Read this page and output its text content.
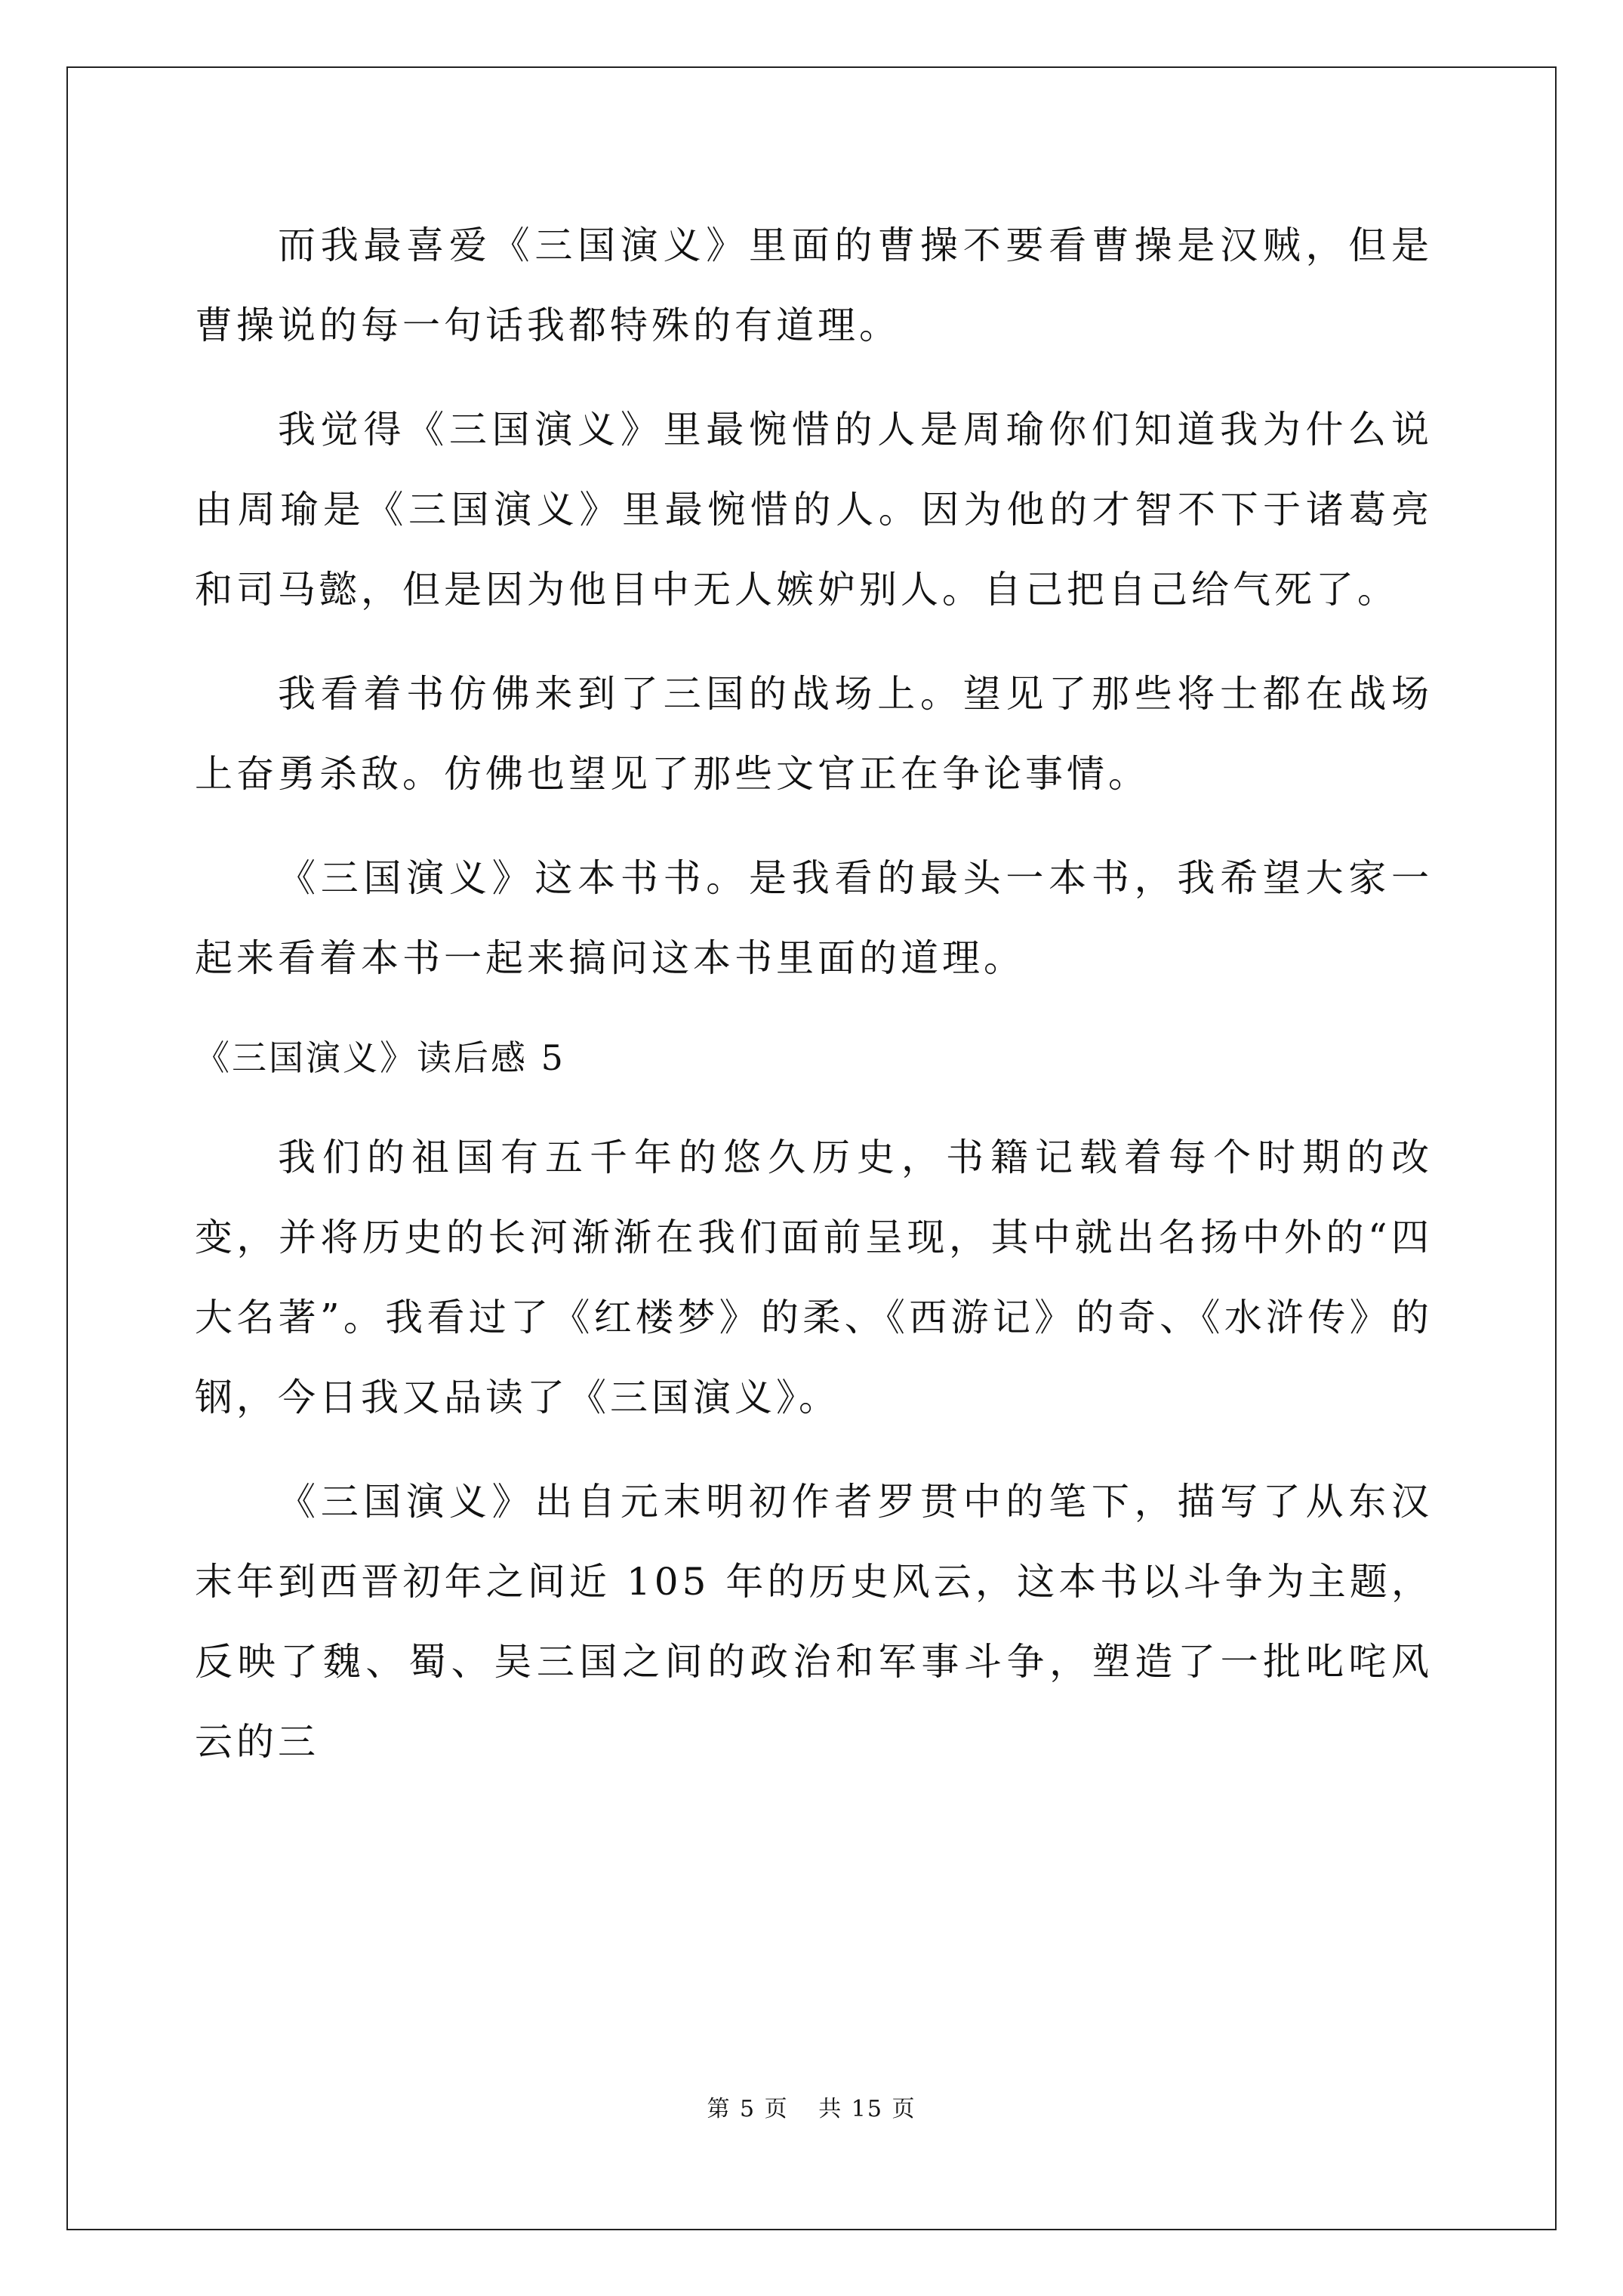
而我最喜爱《三国演义》里面的曹操不要看曹操是汉贼，但是曹操说的每一句话我都特殊的有道理。

我觉得《三国演义》里最惋惜的人是周瑜你们知道我为什么说由周瑜是《三国演义》里最惋惜的人。因为他的才智不下于诸葛亮和司马懿，但是因为他目中无人嫉妒别人。自己把自己给气死了。

我看着书仿佛来到了三国的战场上。望见了那些将士都在战场上奋勇杀敌。仿佛也望见了那些文官正在争论事情。

《三国演义》这本书书。是我看的最头一本书，我希望大家一起来看着本书一起来搞问这本书里面的道理。

《三国演义》读后感 5

我们的祖国有五千年的悠久历史，书籍记载着每个时期的改变，并将历史的长河渐渐在我们面前呈现，其中就出名扬中外的“四大名著”。我看过了《红楼梦》的柔、《西游记》的奇、《水浒传》的钢，今日我又品读了《三国演义》。

《三国演义》出自元末明初作者罗贯中的笔下，描写了从东汉末年到西晋初年之间近 105 年的历史风云，这本书以斗争为主题，反映了魏、蜀、吴三国之间的政治和军事斗争，塑造了一批叱咤风云的三

第 5 页 共 15 页
